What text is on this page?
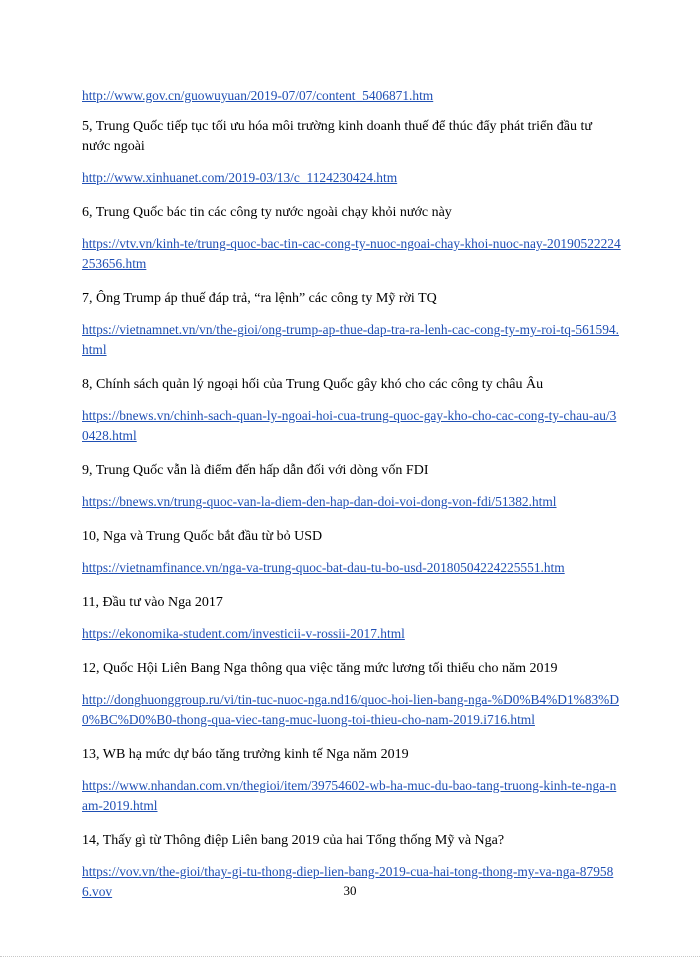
http://www.gov.cn/guowuyuan/2019-07/07/content_5406871.htm
5, Trung Quốc tiếp tục tối ưu hóa môi trường kinh doanh thuế để thúc đẩy phát triển đầu tư nước ngoài
http://www.xinhuanet.com/2019-03/13/c_1124230424.htm
6, Trung Quốc bác tin các công ty nước ngoài chạy khỏi nước này
https://vtv.vn/kinh-te/trung-quoc-bac-tin-cac-cong-ty-nuoc-ngoai-chay-khoi-nuoc-nay-20190522224253656.htm
7, Ông Trump áp thuế đáp trả, “ra lệnh” các công ty Mỹ rời TQ
https://vietnamnet.vn/vn/the-gioi/ong-trump-ap-thue-dap-tra-ra-lenh-cac-cong-ty-my-roi-tq-561594.html
8, Chính sách quản lý ngoại hối của Trung Quốc gây khó cho các công ty châu Âu
https://bnews.vn/chinh-sach-quan-ly-ngoai-hoi-cua-trung-quoc-gay-kho-cho-cac-cong-ty-chau-au/30428.html
9, Trung Quốc vẫn là điểm đến hấp dẫn đối với dòng vốn FDI
https://bnews.vn/trung-quoc-van-la-diem-den-hap-dan-doi-voi-dong-von-fdi/51382.html
10, Nga và Trung Quốc bắt đầu từ bỏ USD
https://vietnamfinance.vn/nga-va-trung-quoc-bat-dau-tu-bo-usd-20180504224225551.htm
11, Đầu tư vào Nga 2017
https://ekonomika-student.com/investicii-v-rossii-2017.html
12, Quốc Hội Liên Bang Nga thông qua việc tăng mức lương tối thiểu cho năm 2019
http://donghuonggroup.ru/vi/tin-tuc-nuoc-nga.nd16/quoc-hoi-lien-bang-nga-%D0%B4%D1%83%D0%BC%D0%B0-thong-qua-viec-tang-muc-luong-toi-thieu-cho-nam-2019.i716.html
13, WB hạ mức dự báo tăng trưởng kinh tế Nga năm 2019
https://www.nhandan.com.vn/thegioi/item/39754602-wb-ha-muc-du-bao-tang-truong-kinh-te-nga-nam-2019.html
14, Thấy gì từ Thông điệp Liên bang 2019 của hai Tổng thống Mỹ và Nga?
https://vov.vn/the-gioi/thay-gi-tu-thong-diep-lien-bang-2019-cua-hai-tong-thong-my-va-nga-879586.vov	30
